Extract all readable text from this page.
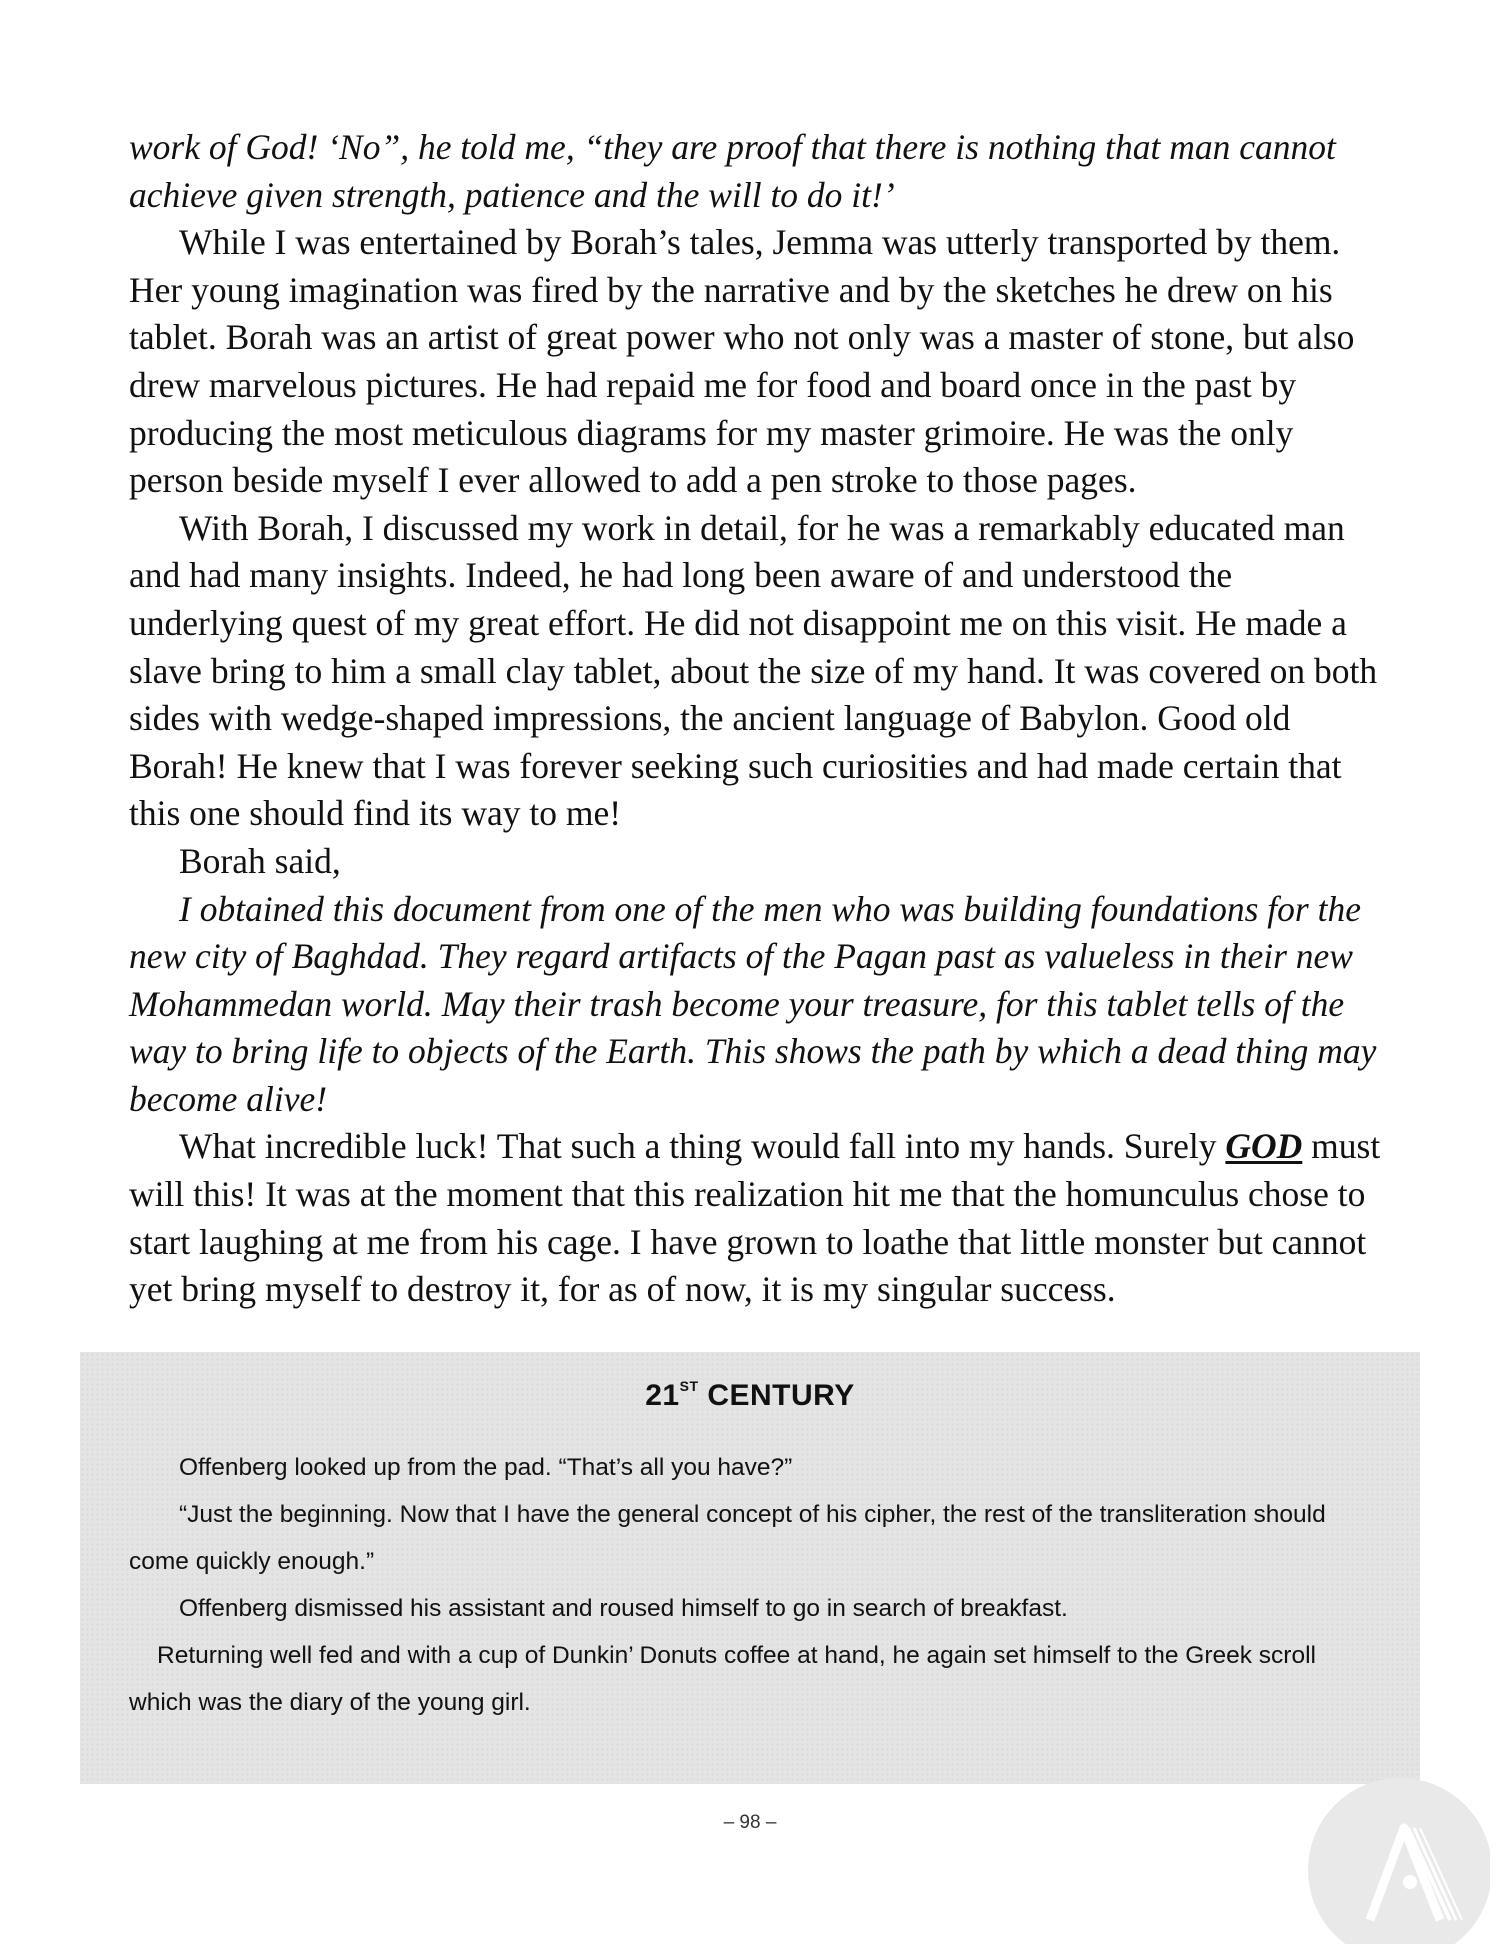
work of God! ‘No”, he told me, “they are proof that there is nothing that man cannot achieve given strength, patience and the will to do it!’

While I was entertained by Borah’s tales, Jemma was utterly transported by them. Her young imagination was fired by the narrative and by the sketches he drew on his tablet. Borah was an artist of great power who not only was a master of stone, but also drew marvelous pictures. He had repaid me for food and board once in the past by producing the most meticulous diagrams for my master grimoire. He was the only person beside myself I ever allowed to add a pen stroke to those pages.

With Borah, I discussed my work in detail, for he was a remarkably educated man and had many insights. Indeed, he had long been aware of and understood the underlying quest of my great effort. He did not disappoint me on this visit. He made a slave bring to him a small clay tablet, about the size of my hand. It was covered on both sides with wedge-shaped impressions, the ancient language of Babylon. Good old Borah! He knew that I was forever seeking such curiosities and had made certain that this one should find its way to me!

Borah said,

I obtained this document from one of the men who was building foundations for the new city of Baghdad. They regard artifacts of the Pagan past as valueless in their new Mohammedan world. May their trash become your treasure, for this tablet tells of the way to bring life to objects of the Earth. This shows the path by which a dead thing may become alive!

What incredible luck! That such a thing would fall into my hands. Surely GOD must will this! It was at the moment that this realization hit me that the homunculus chose to start laughing at me from his cage. I have grown to loathe that little monster but cannot yet bring myself to destroy it, for as of now, it is my singular success.

21ST CENTURY

Offenberg looked up from the pad. “That’s all you have?”

“Just the beginning. Now that I have the general concept of his cipher, the rest of the transliteration should come quickly enough.”

Offenberg dismissed his assistant and roused himself to go in search of breakfast.

Returning well fed and with a cup of Dunkin’ Donuts coffee at hand, he again set himself to the Greek scroll which was the diary of the young girl.

– 98 –
